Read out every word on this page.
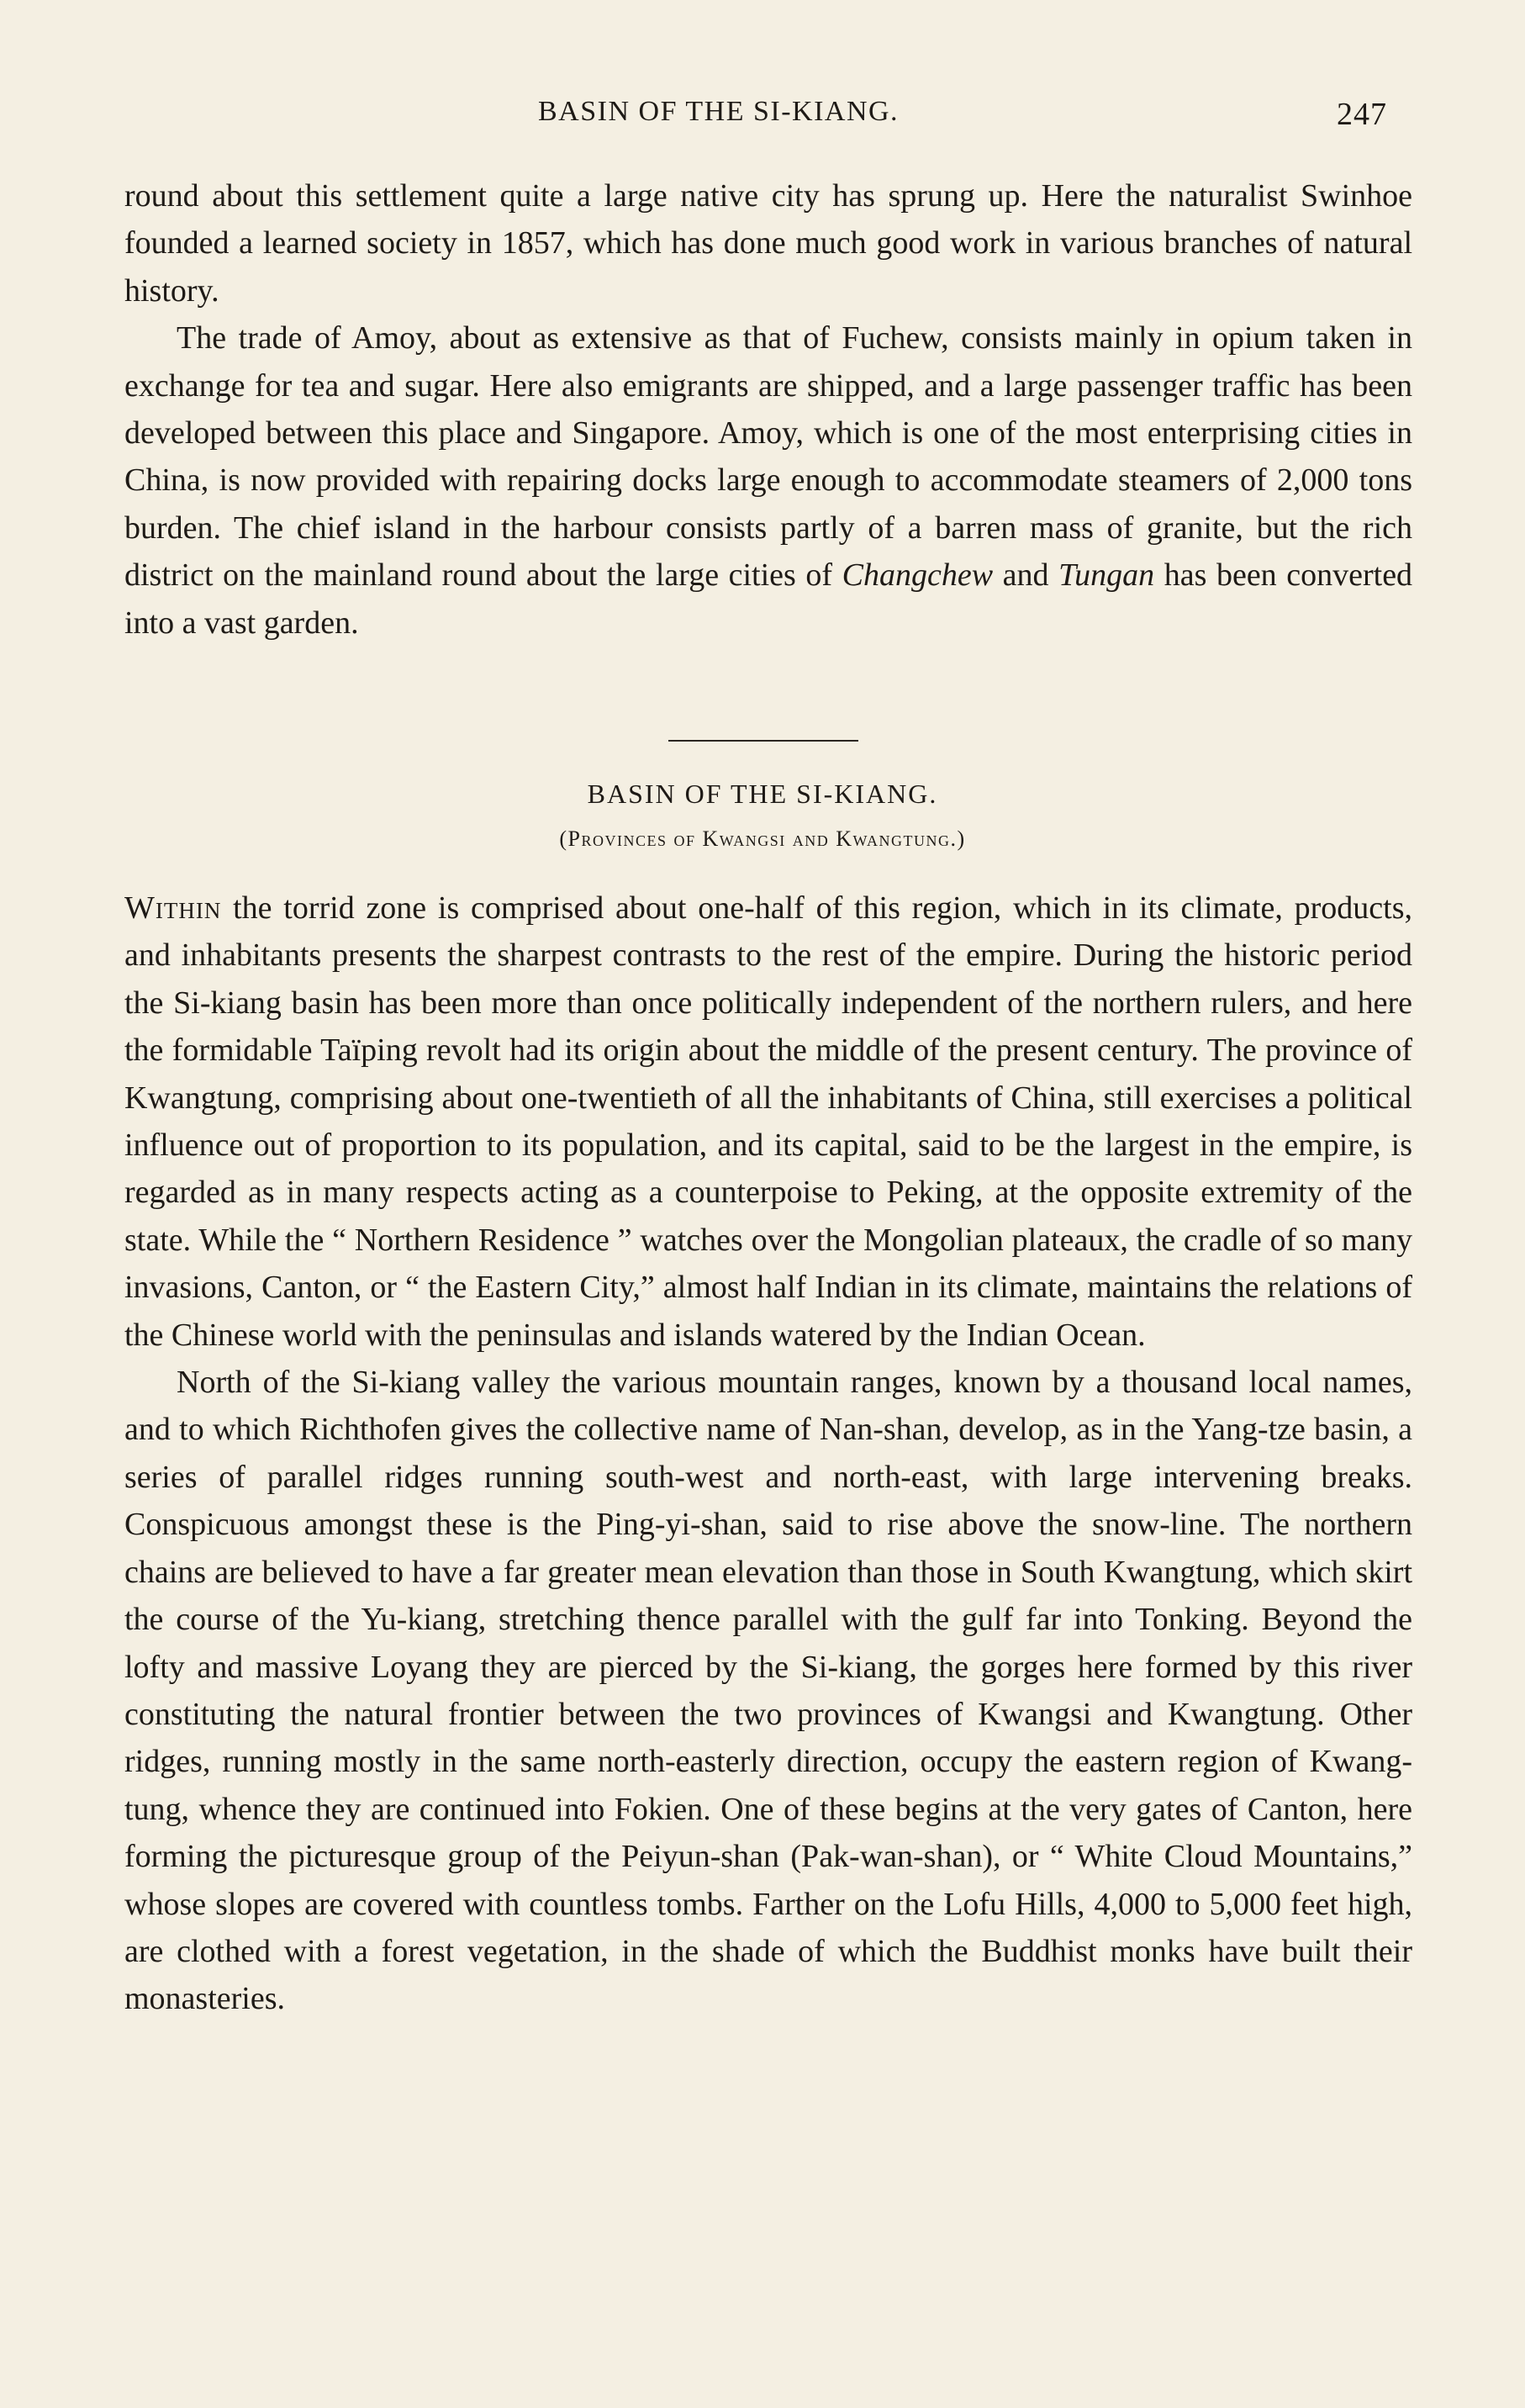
BASIN OF THE SI-KIANG.	247

round about this settlement quite a large native city has sprung up. Here the naturalist Swinhoe founded a learned society in 1857, which has done much good work in various branches of natural history.

The trade of Amoy, about as extensive as that of Fuchew, consists mainly in opium taken in exchange for tea and sugar. Here also emigrants are shipped, and a large passenger traffic has been developed between this place and Singapore. Amoy, which is one of the most enterprising cities in China, is now provided with repairing docks large enough to accommodate steamers of 2,000 tons burden. The chief island in the harbour consists partly of a barren mass of granite, but the rich district on the mainland round about the large cities of Changchew and Tungan has been converted into a vast garden.

BASIN OF THE SI-KIANG.
(Provinces of Kwangsi and Kwangtung.)

Within the torrid zone is comprised about one-half of this region, which in its climate, products, and inhabitants presents the sharpest contrasts to the rest of the empire. During the historic period the Si-kiang basin has been more than once politically independent of the northern rulers, and here the formidable Taïping revolt had its origin about the middle of the present century. The province of Kwangtung, comprising about one-twentieth of all the inhabitants of China, still exercises a political influence out of proportion to its population, and its capital, said to be the largest in the empire, is regarded as in many respects acting as a counterpoise to Peking, at the opposite extremity of the state. While the “ Northern Residence ” watches over the Mongolian plateaux, the cradle of so many invasions, Canton, or “ the Eastern City,” almost half Indian in its climate, maintains the relations of the Chinese world with the peninsulas and islands watered by the Indian Ocean.

North of the Si-kiang valley the various mountain ranges, known by a thousand local names, and to which Richthofen gives the collective name of Nan-shan, develop, as in the Yang-tze basin, a series of parallel ridges running south-west and north-east, with large intervening breaks. Conspicuous amongst these is the Ping-yi-shan, said to rise above the snow-line. The northern chains are believed to have a far greater mean elevation than those in South Kwangtung, which skirt the course of the Yu-kiang, stretching thence parallel with the gulf far into Tonking. Beyond the lofty and massive Loyang they are pierced by the Si-kiang, the gorges here formed by this river constituting the natural frontier between the two provinces of Kwangsi and Kwangtung. Other ridges, running mostly in the same north-easterly direction, occupy the eastern region of Kwang-tung, whence they are continued into Fokien. One of these begins at the very gates of Canton, here forming the picturesque group of the Peiyun-shan (Pak-wan-shan), or “ White Cloud Mountains,” whose slopes are covered with countless tombs. Farther on the Lofu Hills, 4,000 to 5,000 feet high, are clothed with a forest vegetation, in the shade of which the Buddhist monks have built their monasteries.
